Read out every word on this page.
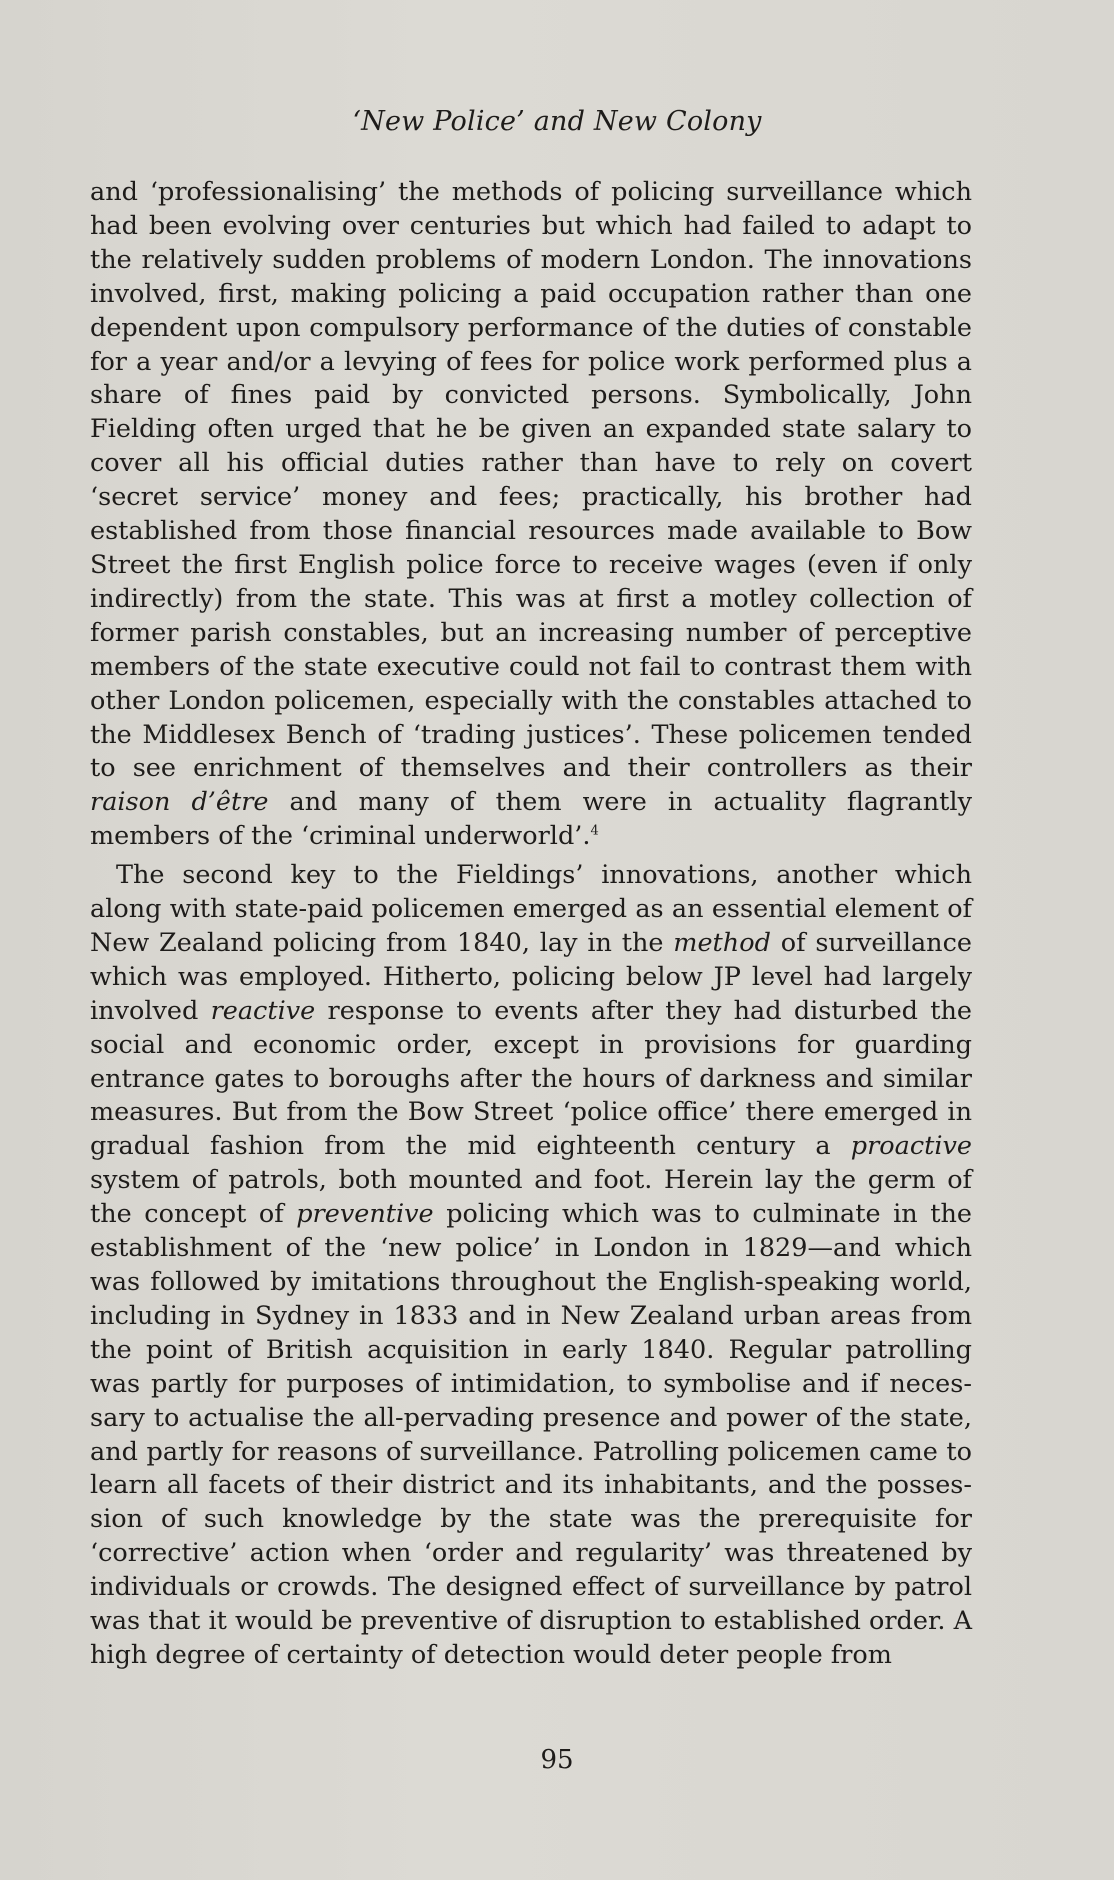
‘New Police’ and New Colony

and ‘professionalising’ the methods of policing surveillance which had been evolving over centuries but which had failed to adapt to the relatively sudden problems of modern London. The innovations involved, first, making policing a paid occupation rather than one dependent upon compulsory performance of the duties of constable for a year and/or a levying of fees for police work performed plus a share of fines paid by convicted persons. Symbolically, John Fielding often urged that he be given an expanded state salary to cover all his official duties rather than have to rely on covert ‘secret service’ money and fees; practically, his brother had established from those financial resources made available to Bow Street the first English police force to receive wages (even if only indirectly) from the state. This was at first a motley collection of former parish constables, but an increasing number of perceptive members of the state executive could not fail to contrast them with other London policemen, especially with the constables attached to the Middlesex Bench of ‘trading justices’. These policemen tended to see enrichment of themselves and their controllers as their raison d’être and many of them were in actuality flagrantly members of the ‘criminal underworld’.$^4$

The second key to the Fieldings’ innovations, another which along with state-paid policemen emerged as an essential element of New Zealand policing from 1840, lay in the method of surveillance which was employed. Hitherto, policing below JP level had largely involved reactive response to events after they had disturbed the social and economic order, except in provisions for guarding entrance gates to boroughs after the hours of darkness and similar measures. But from the Bow Street ‘police office’ there emerged in gradual fashion from the mid eighteenth century a proactive system of patrols, both mounted and foot. Herein lay the germ of the concept of preventive policing which was to culminate in the establishment of the ‘new police’ in London in 1829—and which was followed by imitations throughout the English-speaking world, including in Sydney in 1833 and in New Zealand urban areas from the point of British acquisition in early 1840. Regular patrolling was partly for purposes of intimidation, to symbolise and if necessary to actualise the all-pervading presence and power of the state, and partly for reasons of surveillance. Patrolling policemen came to learn all facets of their district and its inhabitants, and the possession of such knowledge by the state was the prerequisite for ‘corrective’ action when ‘order and regularity’ was threatened by individuals or crowds. The designed effect of surveillance by patrol was that it would be preventive of disruption to established order. A high degree of certainty of detection would deter people from

95
